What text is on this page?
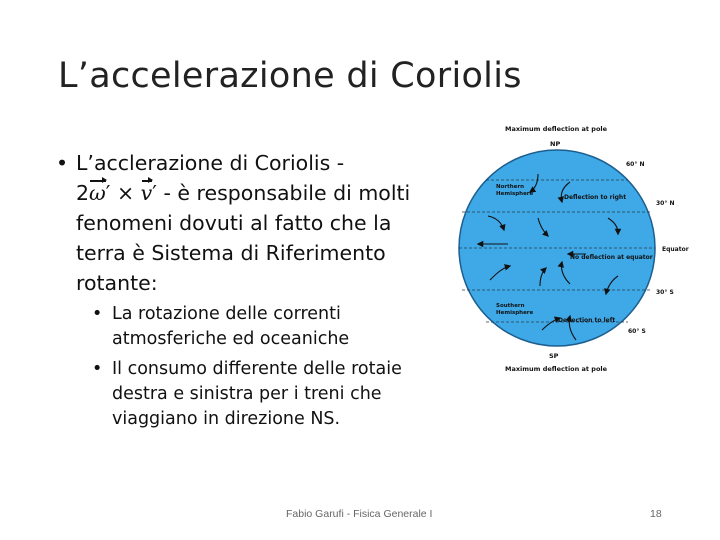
L’accelerazione di Coriolis
• L’acclerazione di Coriolis -
2ω′ × v′ - è responsabile di molti fenomeni dovuti al fatto che la terra è Sistema di Riferimento rotante:
• La rotazione delle correnti atmosferiche ed oceaniche
• Il consumo differente delle rotaie destra e sinistra per i treni che viaggiano in direzione NS.
Maximum deflection at pole
NP
60° N
Northern
Hemisphere	Deflection to right
30° N
Equator
No deflection at equator
30° S
Southern
Hemisphere
Deflection to left
60° S
SP
Maximum deflection at pole
Fabio Garufi - Fisica Generale I	18
